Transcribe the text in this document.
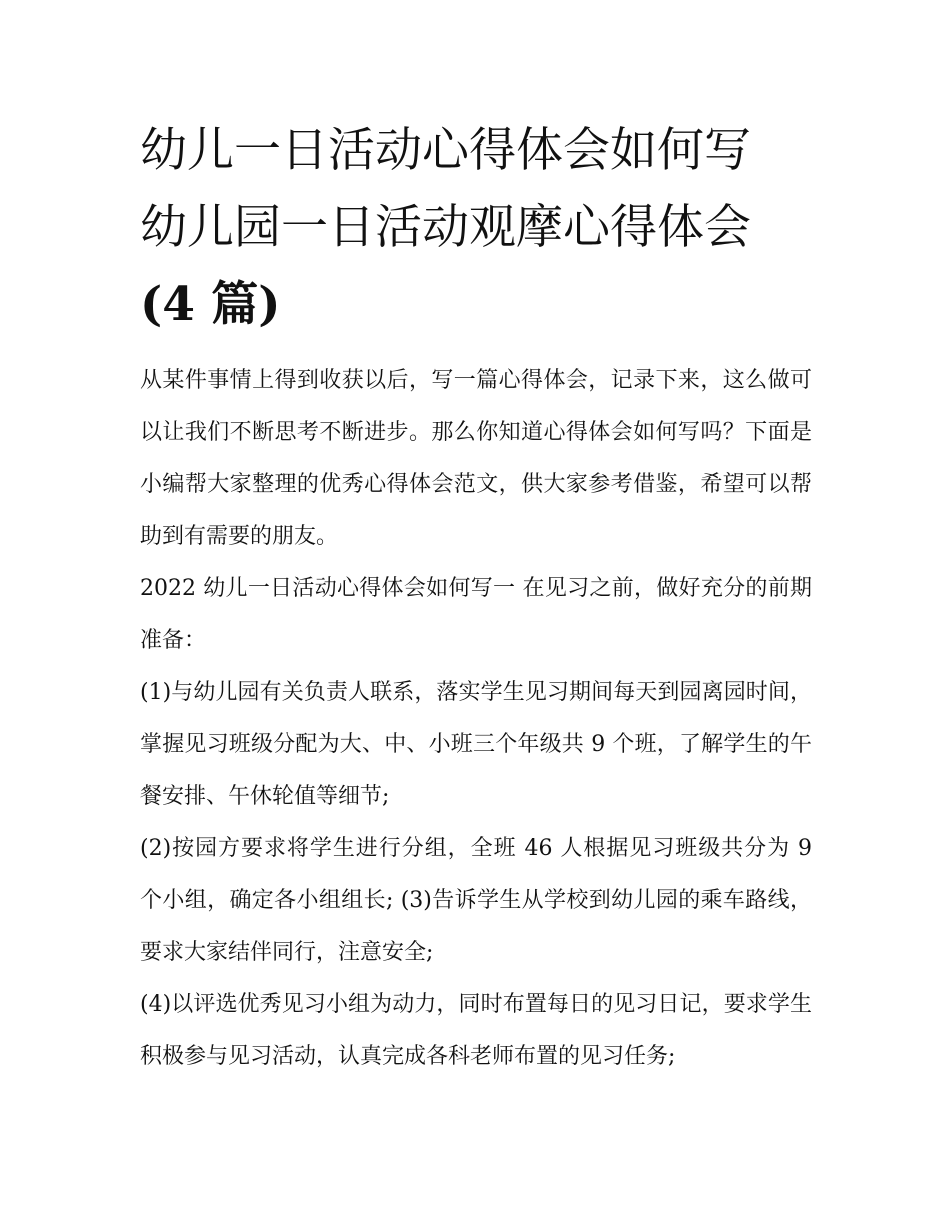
幼儿一日活动心得体会如何写
幼儿园一日活动观摩心得体会
(4 篇)

从某件事情上得到收获以后，写一篇心得体会，记录下来，这么做可以让我们不断思考不断进步。那么你知道心得体会如何写吗？下面是小编帮大家整理的优秀心得体会范文，供大家参考借鉴，希望可以帮助到有需要的朋友。

2022 幼儿一日活动心得体会如何写一 在见习之前，做好充分的前期准备：

(1)与幼儿园有关负责人联系，落实学生见习期间每天到园离园时间，掌握见习班级分配为大、中、小班三个年级共 9 个班，了解学生的午餐安排、午休轮值等细节;

(2)按园方要求将学生进行分组，全班 46 人根据见习班级共分为 9 个小组，确定各小组组长; (3)告诉学生从学校到幼儿园的乘车路线，要求大家结伴同行，注意安全;

(4)以评选优秀见习小组为动力，同时布置每日的见习日记，要求学生积极参与见习活动，认真完成各科老师布置的见习任务;
